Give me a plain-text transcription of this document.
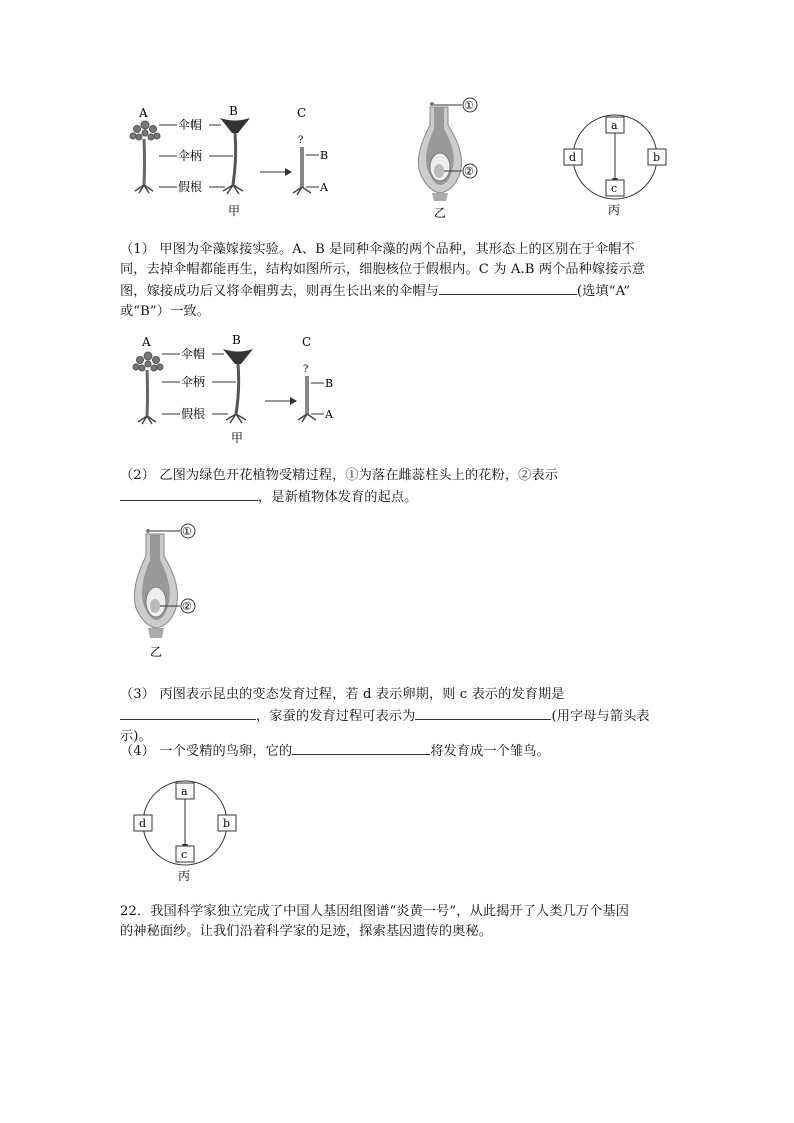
A
伞帽
伞柄
假根
B
甲
C
?
B
A
①
②
乙
a
b
c
d
丙
（1） 甲图为伞藻嫁接实验。A、B 是同种伞藻的两个品种，其形态上的区别在于伞帽不
同，去掉伞帽都能再生，结构如图所示，细胞核位于假根内。C 为 A.B 两个品种嫁接示意
图，嫁接成功后又将伞帽剪去，则再生长出来的伞帽与	(选填“A”
或“B”）一致。
A
伞帽
伞柄
假根
B
甲
C
?
B
A
（2） 乙图为绿色开花植物受精过程，①为落在雌蕊柱头上的花粉，②表示
，是新植物体发育的起点。
①
②
乙
（3） 丙图表示昆虫的变态发育过程，若 d 表示卵期，则 c 表示的发育期是
，家蚕的发育过程可表示为	(用字母与箭头表
示)。
（4） 一个受精的鸟卵，它的	将发育成一个雏鸟。
a
b
c
d
丙
22．我国科学家独立完成了中国人基因组图谱“炎黄一号”，从此揭开了人类几万个基因
的神秘面纱。让我们沿着科学家的足迹，探索基因遗传的奥秘。
